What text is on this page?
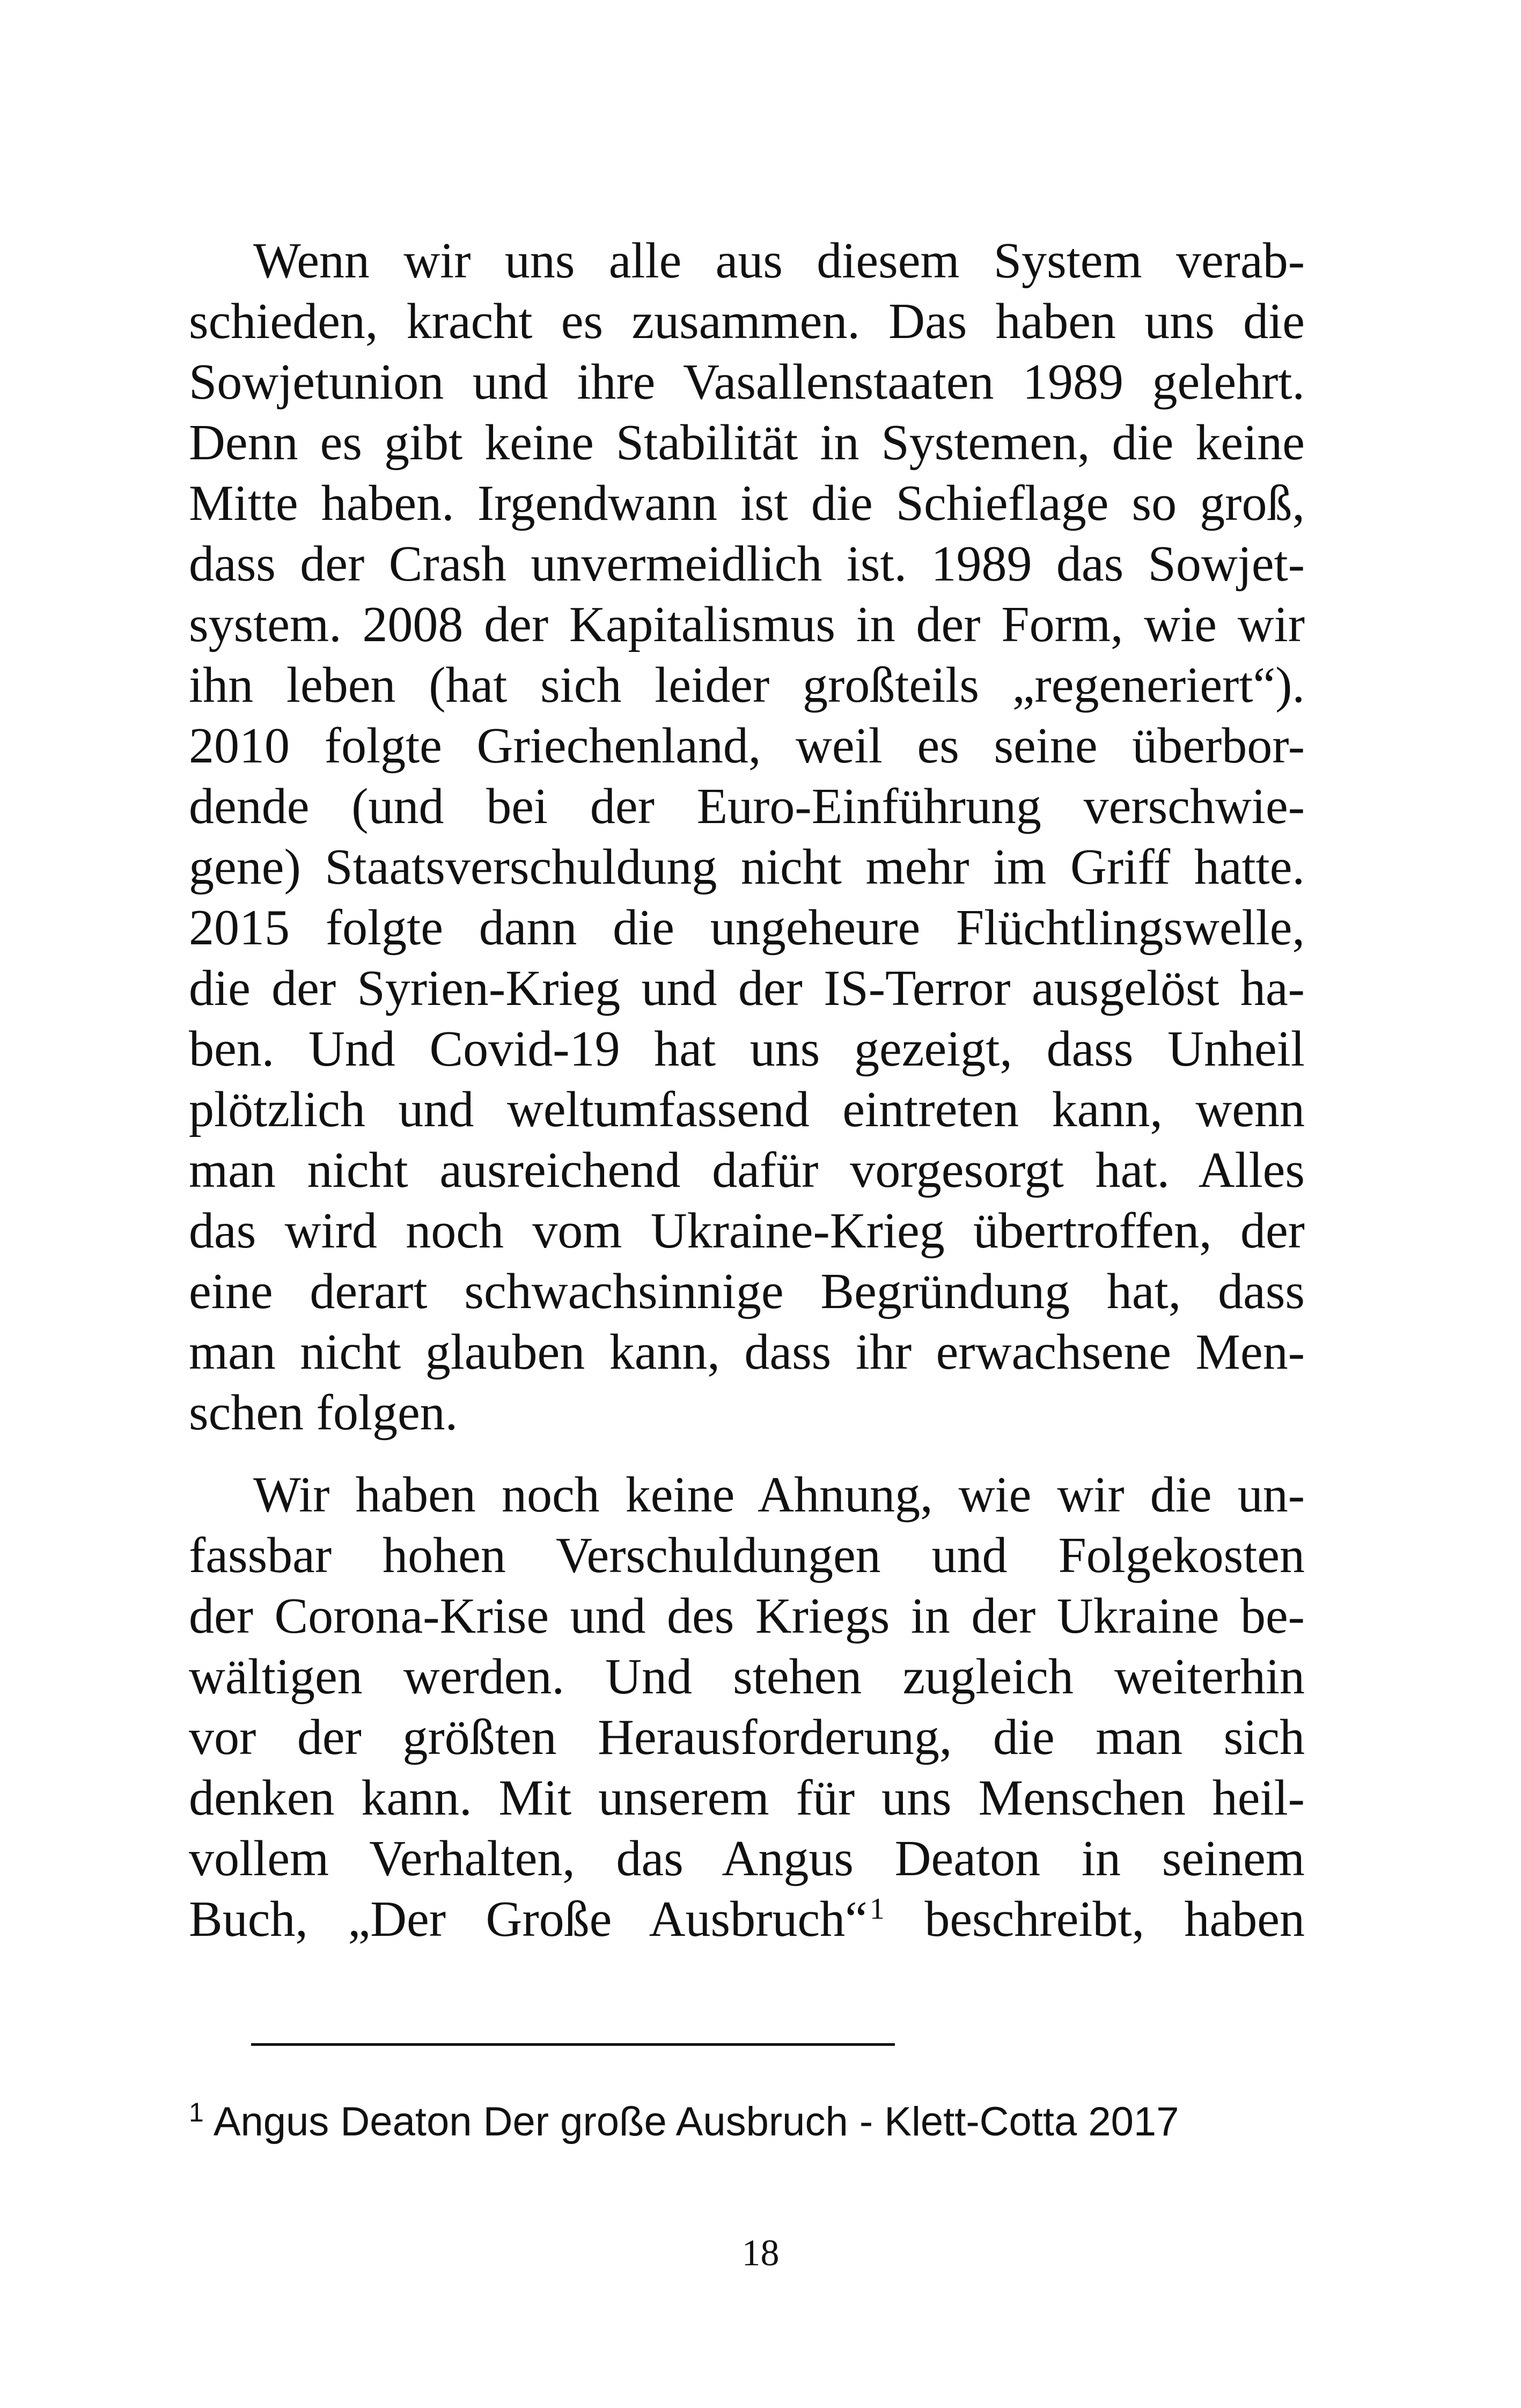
Wenn wir uns alle aus diesem System verab-
schieden, kracht es zusammen. Das haben uns die
Sowjetunion und ihre Vasallenstaaten 1989 gelehrt.
Denn es gibt keine Stabilität in Systemen, die keine
Mitte haben. Irgendwann ist die Schieflage so groß,
dass der Crash unvermeidlich ist. 1989 das Sowjet-
system. 2008 der Kapitalismus in der Form, wie wir
ihn leben (hat sich leider großteils „regeneriert“).
2010 folgte Griechenland, weil es seine überbor-
dende (und bei der Euro-Einführung verschwie-
gene) Staatsverschuldung nicht mehr im Griff hatte.
2015 folgte dann die ungeheure Flüchtlingswelle,
die der Syrien-Krieg und der IS-Terror ausgelöst ha-
ben. Und Covid-19 hat uns gezeigt, dass Unheil
plötzlich und weltumfassend eintreten kann, wenn
man nicht ausreichend dafür vorgesorgt hat. Alles
das wird noch vom Ukraine-Krieg übertroffen, der
eine derart schwachsinnige Begründung hat, dass
man nicht glauben kann, dass ihr erwachsene Men-
schen folgen.
Wir haben noch keine Ahnung, wie wir die un-
fassbar hohen Verschuldungen und Folgekosten
der Corona-Krise und des Kriegs in der Ukraine be-
wältigen werden. Und stehen zugleich weiterhin
vor der größten Herausforderung, die man sich
denken kann. Mit unserem für uns Menschen heil-
vollem Verhalten, das Angus Deaton in seinem
Buch, „Der Große Ausbruch“$^1$ beschreibt, haben
$^1$ Angus Deaton Der große Ausbruch - Klett-Cotta 2017
18
